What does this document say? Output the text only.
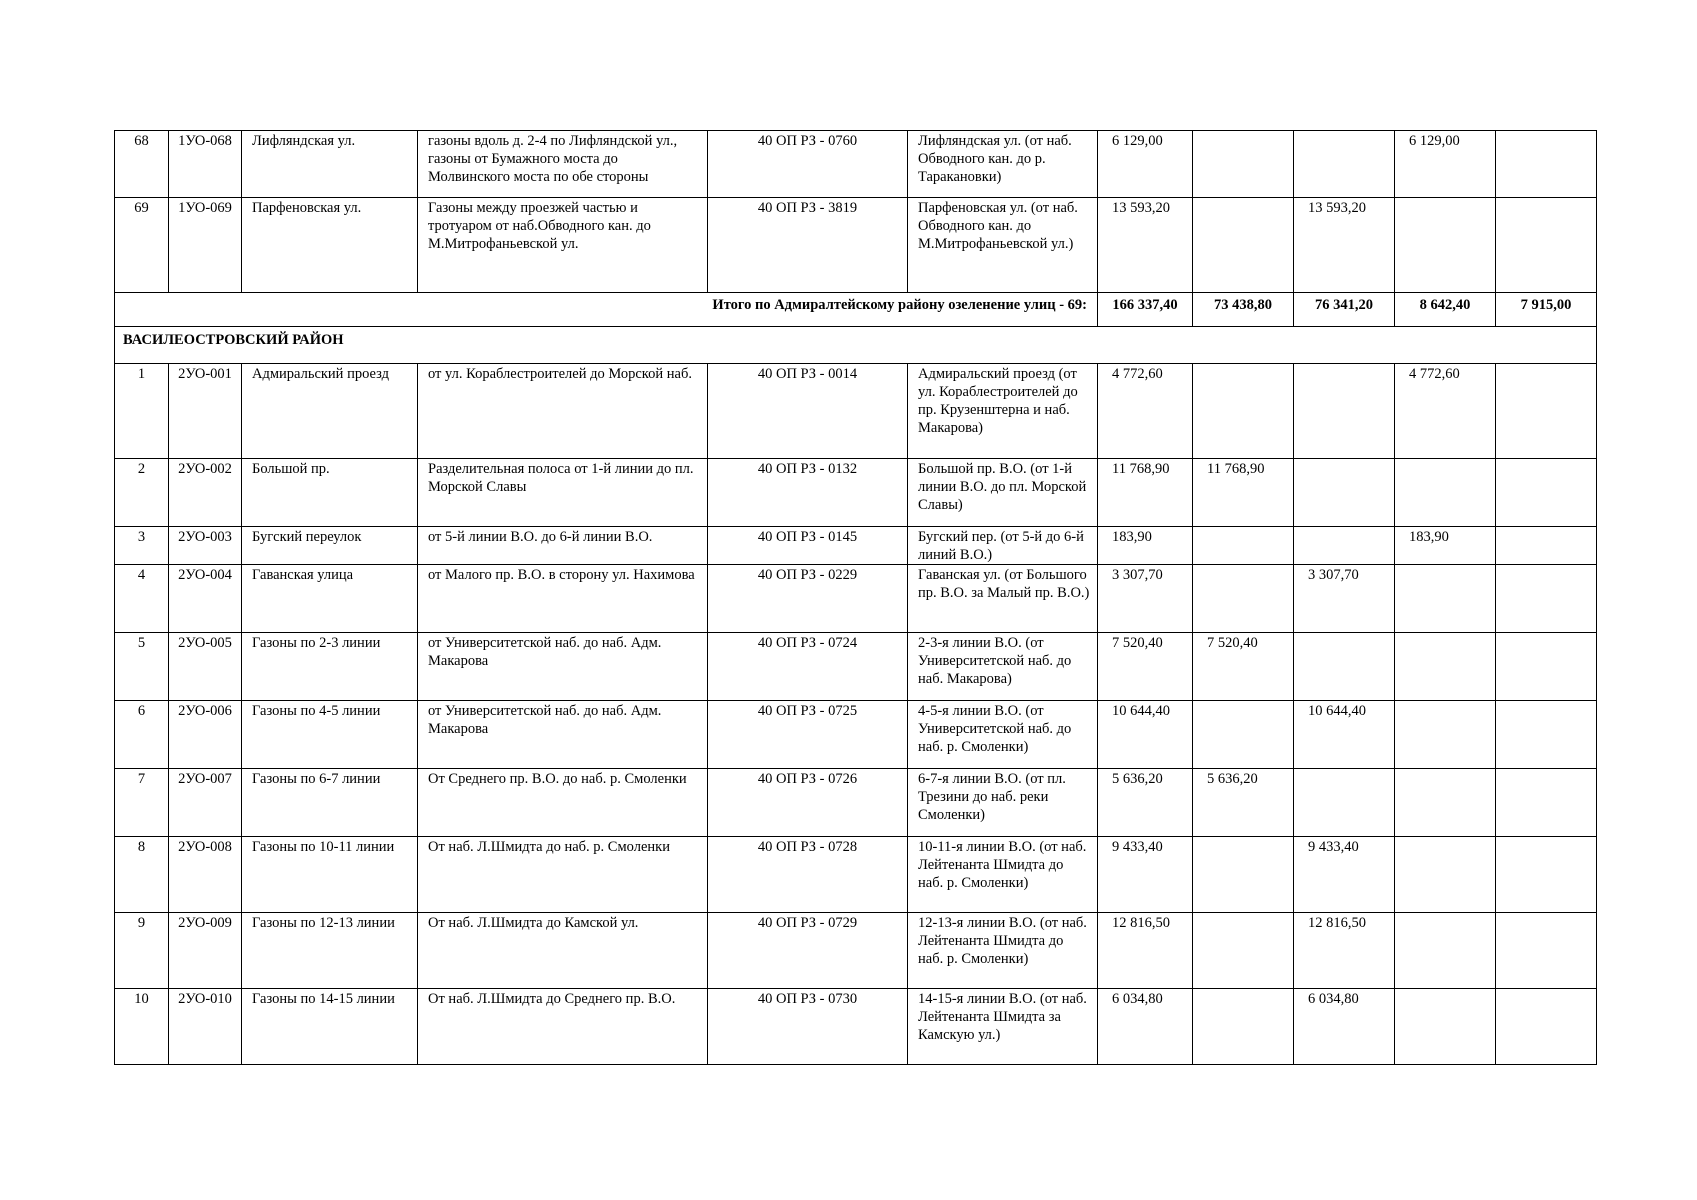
68	1УО-068	Лифляндская ул.	газоны вдоль д. 2-4 по Лифляндской ул., газоны от Бумажного моста до Молвинского моста по обе стороны	40 ОП РЗ - 0760	Лифляндская ул. (от наб. Обводного кан. до р. Таракановки)	6 129,00			6 129,00	
69	1УО-069	Парфеновская ул.	Газоны между проезжей частью и тротуаром от наб.Обводного кан. до М.Митрофаньевской ул.	40 ОП РЗ - 3819	Парфеновская ул. (от наб. Обводного кан. до М.Митрофаньевской ул.)	13 593,20		13 593,20		
Итого по Адмиралтейскому району озеленение улиц - 69:						166 337,40	73 438,80	76 341,20	8 642,40	7 915,00
ВАСИЛЕОСТРОВСКИЙ РАЙОН										
1	2УО-001	Адмиральский проезд	от ул. Кораблестроителей до Морской наб.	40 ОП РЗ - 0014	Адмиральский проезд (от ул. Кораблестроителей до пр. Крузенштерна и наб. Макарова)	4 772,60			4 772,60	
2	2УО-002	Большой пр.	Разделительная полоса от 1-й линии до пл. Морской Славы	40 ОП РЗ - 0132	Большой пр. В.О. (от 1-й линии В.О. до пл. Морской Славы)	11 768,90	11 768,90			
3	2УО-003	Бугский переулок	от 5-й линии В.О. до 6-й линии В.О.	40 ОП РЗ - 0145	Бугский пер. (от 5-й до 6-й линий В.О.)	183,90			183,90	
4	2УО-004	Гаванская улица	от Малого пр. В.О. в сторону ул. Нахимова	40 ОП РЗ - 0229	Гаванская ул. (от Большого пр. В.О. за Малый пр. В.О.)	3 307,70		3 307,70		
5	2УО-005	Газоны по 2-3 линии	от Университетской наб. до наб. Адм. Макарова	40 ОП РЗ - 0724	2-3-я линии В.О. (от Университетской наб. до наб. Макарова)	7 520,40	7 520,40			
6	2УО-006	Газоны по 4-5 линии	от Университетской наб. до наб. Адм. Макарова	40 ОП РЗ - 0725	4-5-я линии В.О. (от Университетской наб. до наб. р. Смоленки)	10 644,40		10 644,40		
7	2УО-007	Газоны по 6-7 линии	От Среднего пр. В.О. до наб. р. Смоленки	40 ОП РЗ - 0726	6-7-я линии В.О. (от пл. Трезини до наб. реки Смоленки)	5 636,20	5 636,20			
8	2УО-008	Газоны по 10-11 линии	От наб. Л.Шмидта до наб. р. Смоленки	40 ОП РЗ - 0728	10-11-я линии В.О. (от наб. Лейтенанта Шмидта до наб. р. Смоленки)	9 433,40		9 433,40		
9	2УО-009	Газоны по 12-13 линии	От наб. Л.Шмидта до Камской ул.	40 ОП РЗ - 0729	12-13-я линии В.О. (от наб. Лейтенанта Шмидта до наб. р. Смоленки)	12 816,50		12 816,50		
10	2УО-010	Газоны по 14-15 линии	От наб. Л.Шмидта до Среднего пр. В.О.	40 ОП РЗ - 0730	14-15-я линии В.О. (от наб. Лейтенанта Шмидта за Камскую ул.)	6 034,80		6 034,80		
